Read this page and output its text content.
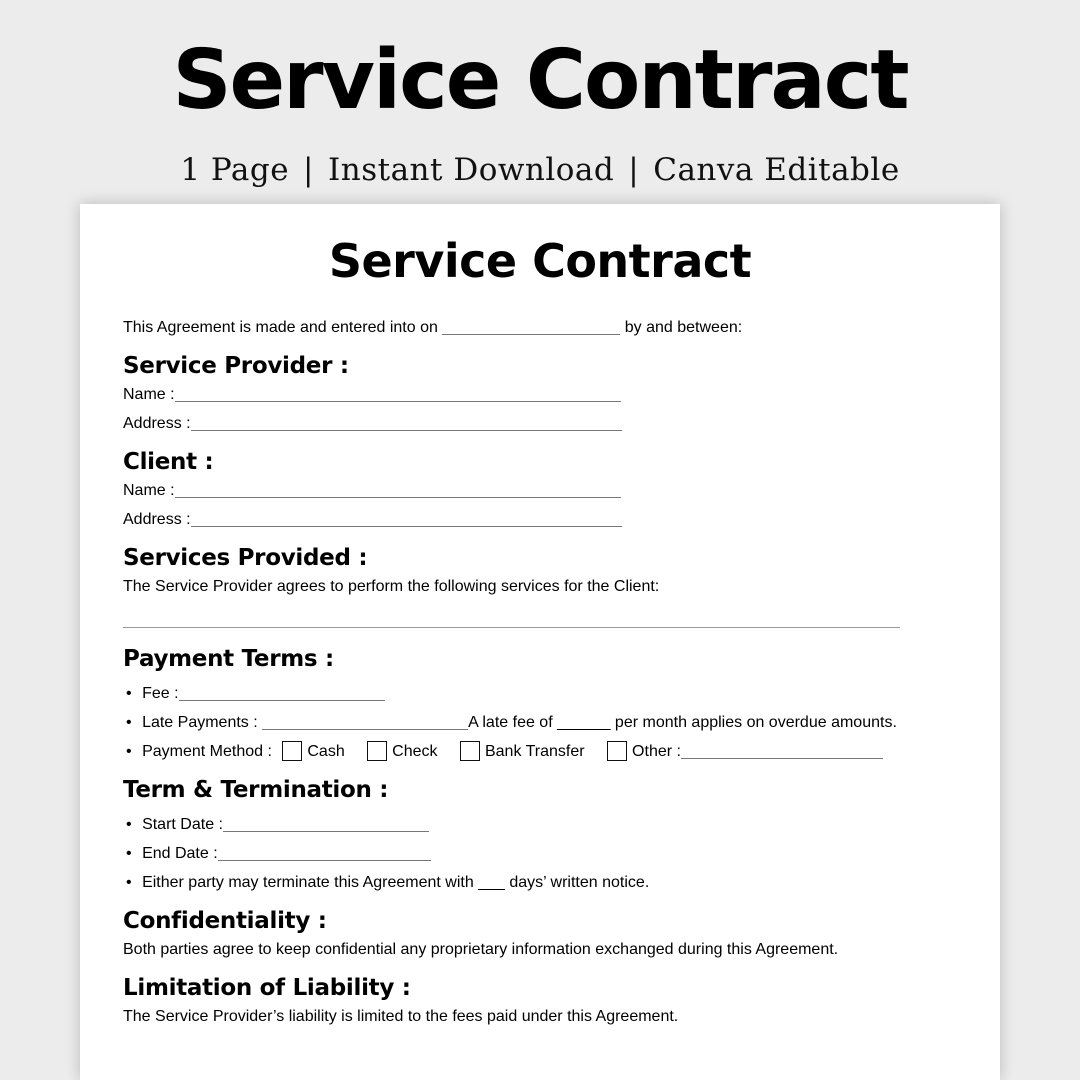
Service Contract
1 Page | Instant Download | Canva Editable
Service Contract
This Agreement is made and entered into on	by and between:
Service Provider :
Name :
Address :
Client :
Name :
Address :
Services Provided :
The Service Provider agrees to perform the following services for the Client:
Payment Terms :
• Fee :
• Late Payments :	A late fee of ______ per month applies on overdue amounts.
• Payment Method : Cash	Check	Bank Transfer	Other :
Term & Termination :
• Start Date :
• End Date :
• Either party may terminate this Agreement with ___ days’ written notice.
Confidentiality :
Both parties agree to keep confidential any proprietary information exchanged during this Agreement.
Limitation of Liability :
The Service Provider’s liability is limited to the fees paid under this Agreement.
